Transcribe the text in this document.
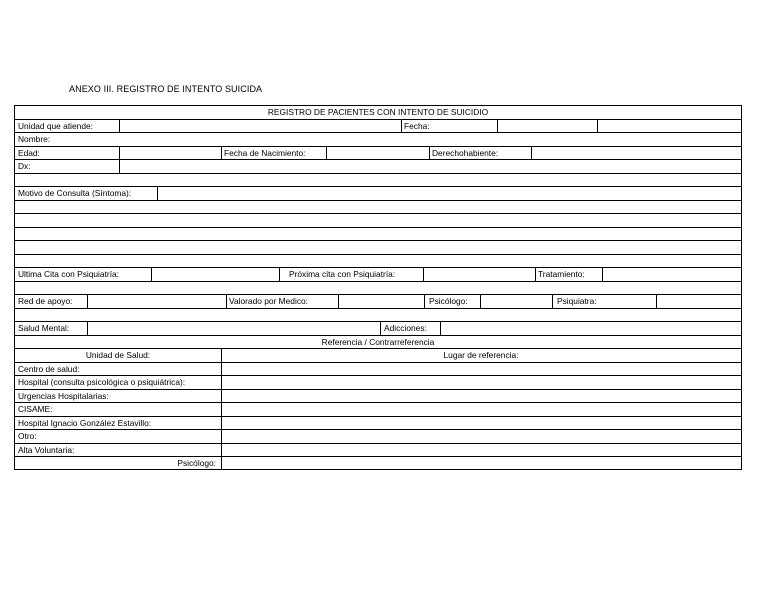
ANEXO III. REGISTRO DE INTENTO SUICIDA
REGISTRO DE PACIENTES CON INTENTO DE SUICIDIO
Unidad que atiende:	Fecha:
Nombre:
Edad:	Fecha de Nacimiento:	Derechohabiente:
Dx:
Motivo de Consulta (Síntoma):
Ultima Cita con Psiquiatría:	Próxima cita con Psiquiatría:	Tratamiento:
Red de apoyo:	Valorado por Medico:	Psicólogo:	Psiquiatra:
Salud Mental:	Adicciones:
Referencia / Contrarreferencia
Unidad de Salud:	Lugar de referencia:
Centro de salud:
Hospital (consulta psicológica o psiquiátrica):
Urgencias Hospitalarias:
CISAME:
Hospital Ignacio González Estavillo:
Otro:
Alta Voluntaria:
Psicólogo:
